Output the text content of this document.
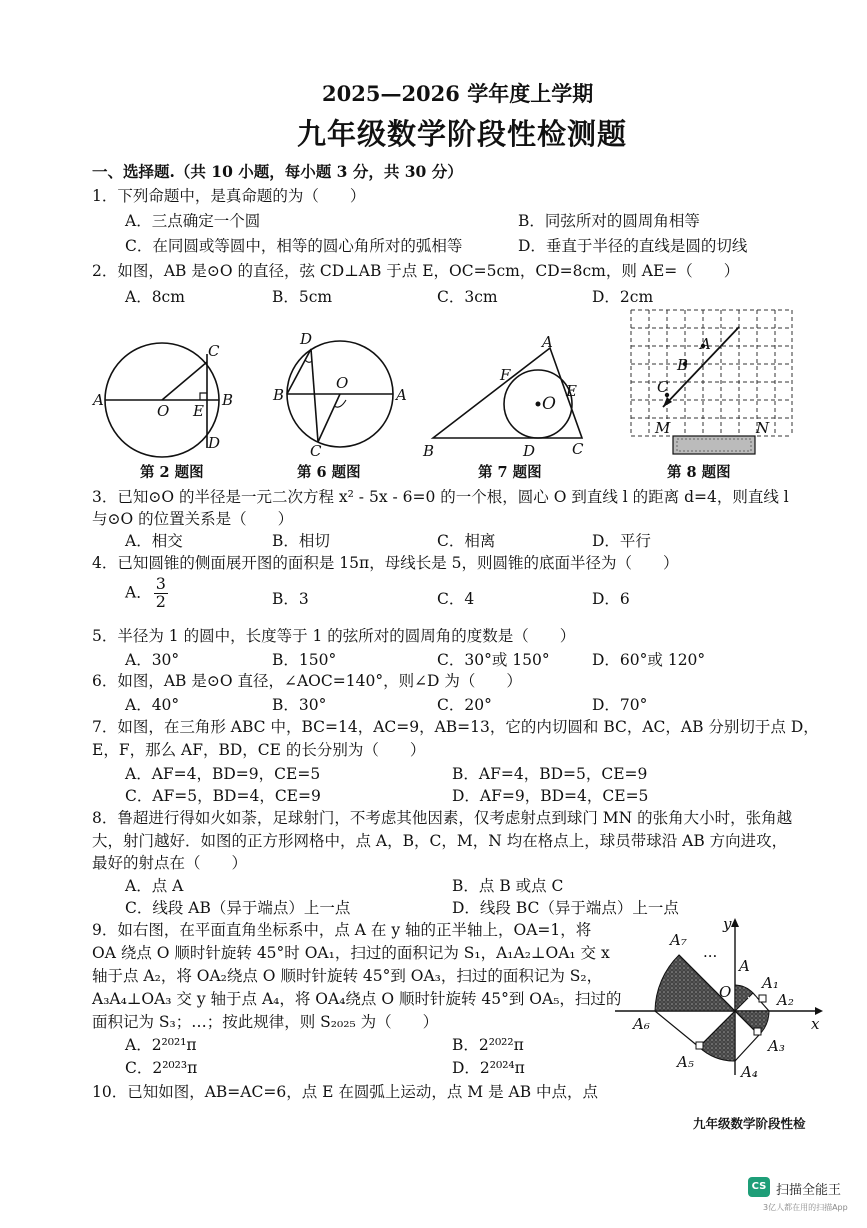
2025—2026 学年度上学期
九年级数学阶段性检测题
一、选择题.（共 10 小题，每小题 3 分，共 30 分）
1．下列命题中，是真命题的为（　　）
A．三点确定一个圆	B．同弦所对的圆周角相等
C．在同圆或等圆中，相等的圆心角所对的弧相等	D．垂直于半径的直线是圆的切线
2．如图，AB 是⊙O 的直径，弦 CD⊥AB 于点 E，OC=5cm，CD=8cm，则 AE=（　　）
A．8cm	B．5cm	C．3cm	D．2cm
A	B
C
D
O E
第 2 题图
D
B
O
A
C
第 6 题图
O
A
F
E
B	D C
第 7 题图
A
B
C
M	N
第 8 题图
3．已知⊙O 的半径是一元二次方程 x² - 5x - 6=0 的一个根，圆心 O 到直线 l 的距离 d=4，则直线 l
与⊙O 的位置关系是（　　）
A．相交	B．相切	C．相离	D．平行
4．已知圆锥的侧面展开图的面积是 15π，母线长是 5，则圆锥的底面半径为（　　）
A． $\frac{3}{2}$	B．3	C．4	D．6
5．半径为 1 的圆中，长度等于 1 的弦所对的圆周角的度数是（　　）
A．30°	B．150°	C．30°或 150°	D．60°或 120°
6．如图，AB 是⊙O 直径，∠AOC=140°，则∠D 为（　　）
A．40°	B．30°	C．20°	D．70°
7．如图，在三角形 ABC 中，BC=14，AC=9，AB=13，它的内切圆和 BC，AC，AB 分别切于点 D，
E，F，那么 AF，BD，CE 的长分别为（　　）
A．AF=4，BD=9，CE=5	B．AF=4，BD=5，CE=9
C．AF=5，BD=4，CE=9	D．AF=9，BD=4，CE=5
8．鲁超进行得如火如荼，足球射门，不考虑其他因素，仅考虑射点到球门 MN 的张角大小时，张角越
大，射门越好．如图的正方形网格中，点 A，B，C，M，N 均在格点上，球员带球沿 AB 方向进攻，
最好的射点在（　　）
A．点 A	B．点 B 或点 C
C．线段 AB（异于端点）上一点	D．线段 BC（异于端点）上一点
9．如右图，在平面直角坐标系中，点 A 在 y 轴的正半轴上，OA=1，将
OA 绕点 O 顺时针旋转 45°时 OA₁，扫过的面积记为 S₁，A₁A₂⊥OA₁ 交 x
轴于点 A₂，将 OA₂绕点 O 顺时针旋转 45°到 OA₃，扫过的面积记为 S₂，
A₃A₄⊥OA₃ 交 y 轴于点 A₄，将 OA₄绕点 O 顺时针旋转 45°到 OA₅，扫过的
面积记为 S₃；…；按此规律，则 S₂₀₂₅ 为（　　）
A．2²⁰²¹π	B．2²⁰²²π
C．2²⁰²³π	D．2²⁰²⁴π
y
x
A
A₁
A₂
A₃
A₄
A₅
A₆
A₇
O
...
10．已知如图，AB=AC=6，点 E 在圆弧上运动，点 M 是 AB 中点，点
九年级数学阶段性检
CS 扫描全能王
3亿人都在用的扫描App
